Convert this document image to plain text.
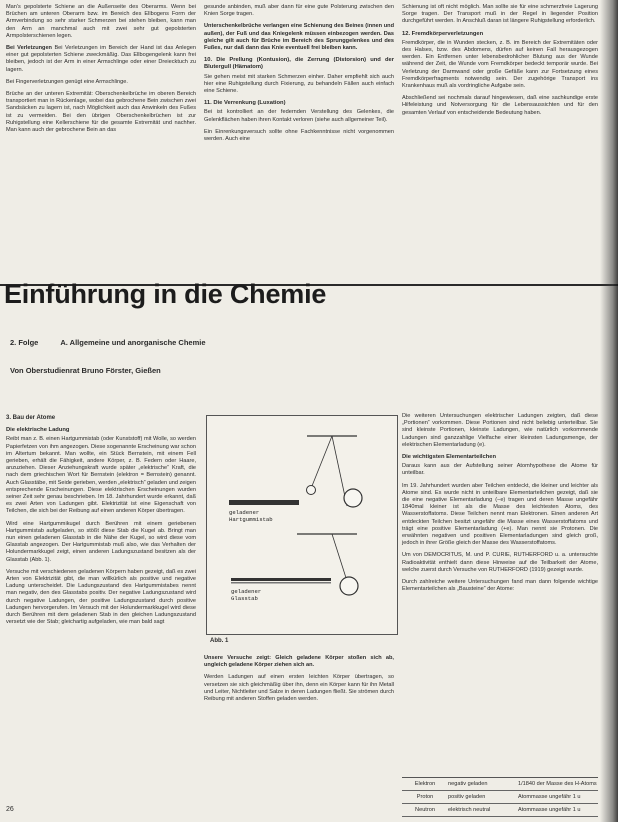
Man's gepolsterte Schiene an die Außenseite des Oberarms. Wenn bei Brüchen am unteren Oberarm bzw. im Bereich des Ellbogens Form der Armverbindung so sehr starker Schmerzen bei stehen bleiben, kann man den Arm an manchmal auch mit zwei sehr gut gepolsterten Armpolsterschienen legen.

Bei Verletzungen Bei Verletzungen im Bereich der Hand ist das Anlegen einer gut gepolsterten Schiene zweckmäßig. Das Ellbogengelenk kann frei bleiben, jedoch ist der Arm in einer Armschlinge oder einer Dreiecktuch zu lagern.

Bei Fingerverletzungen genügt eine Armschlinge.

Brüche an der unteren Extremität: Oberschenkelbrüche im oberen Bereich transportiert man in Rückenlage, wobei das gebrochene Bein zwischen zwei Sandsäcken zu lagern ist, nach Möglichkeit auch das Anwinkeln des Fußes ist zu vermeiden. Bei den übrigen Oberschenkelbrüchen ist zur Ruhigstellung eine Kellerschiene für die gesamte Extremität und nachher. Man kann auch der gebrochene Bein an das

gesunde anbinden, muß aber dann für eine gute Polsterung zwischen den Knien Sorge tragen.

Unterschenkelbrüche verlangen eine Schienung des Beines (innen und außen), der Fuß und das Kniegelenk müssen einbezogen werden. Das gleiche gilt auch für Brüche im Bereich des Sprunggelenkes und des Fußes, nur daß dann das Knie eventuell frei bleiben kann.

10. Die Prellung (Kontusion), die Zerrung (Distorsion) und der Blutergull (Hämatom)

Sie gehen meist mit starken Schmerzen einher. Daher empfiehlt sich auch hier eine Ruhigstellung durch Fixierung, zu behandeln Fällen auch einfach eine Schiene.

11. Die Verrenkung (Luxation)

Bei ist kontrolliert an der federnden Verstellung des Gelenkes, die Gelenkflächen haben ihren Kontakt verloren (siehe auch allgemeiner Teil).

Ein Einrenkungsversuch sollte ohne Fachkenntnisse nicht vorgenommen werden. Auch eine

Schienung ist oft nicht möglich. Man sollte sie für eine schmerzfreie Lagerung Sorge tragen. Der Transport muß in der Regel in liegender Position durchgeführt werden. In Anschluß daran ist längere Ruhigstellung erforderlich.

12. Fremdkörperverletzungen

Fremdkörper, die in Wunden stecken, z. B. im Bereich der Extremitäten oder des Halses, bzw. des Abdomens, dürfen auf keinen Fall herausgezogen werden. Ein Entfernen unter lebensbedrohlicher Blutung aus der Wunde während der Zeit, die Wunde vom Fremdkörper bedeckt temporär wurde. Bei Verletzung der Darmwand oder große Gefäße kann zur Fortsetzung eines Fremdkörperfragments notwendig sein. Der zugehörige Transport ins Krankenhaus muß als vordringliche Aufgabe sein.

Abschließend sei nochmals darauf hingewiesen, daß eine sachkundige erste Hilfeleistung und Notversorgung für die Lebensaussichten und für den gesamten Verlauf von entscheidende Bedeutung haben.

Einführung in die Chemie
2. Folge	A. Allgemeine und anorganische Chemie
Von Oberstudienrat Bruno Förster, Gießen

3. Bau der Atome

Die elektrische Ladung

Reibt man z. B. einen Hartgummistab (oder Kunststoff) mit Wolle, so werden Papierfetzen von ihm angezogen. Diese sogenannte Erscheinung war schon im Altertum bekannt. Man wollte, ein Stück Bernstein, mit einem Fell gerieben, erhält die Fähigkeit, andere Körper, z. B. Federn oder Haare, anzuziehen. Dieser Anziehungskraft wurde später „elektrische“ Kraft, die nach dem griechischen Wort für Bernstein (elektron = Bernstein) genannt. Auch Glasstäbe, mit Seide gerieben, werden „elektrisch“ geladen und zeigen entsprechende Erscheinungen. Diese elektrischen Erscheinungen wurden seiner Zeit sehr genau beschrieben. Im 18. Jahrhundert wurde erkannt, daß es zwei Arten von Ladungen gibt. Elektrizität ist eine Eigenschaft von Teilchen, die sich bei der Reibung auf einen anderen Körper übertragen.

Wird eine Hartgummikugel durch Berühren mit einem geriebenen Hartgummistab aufgeladen, so stößt diese Stab die Kugel ab. Bringt man nun einen geladenen Glasstab in die Nähe der Kugel, so wird diese vom Glasstab angezogen. Der Hartgummistab muß also, wie das Verhalten der Holundermarkkugel zeigt, einen anderen Ladungszustand besitzen als der Glasstab (Abb. 1).

Versuche mit verschiedenen geladenen Körpern haben gezeigt, daß es zwei Arten von Elektrizität gibt, die man willkürlich als positive und negative Ladung unterscheidet. Die Ladungszustand des Hartgummistabes nennt man negativ, den des Glasstabs positiv. Der negative Ladungszustand wird durch negative Ladungen, der positive Ladungszustand durch positive Ladungen hervorgerufen. Im Versuch mit der Holundermarkkugel wird diese durch Berühren mit dem geladenen Stab in den gleichen Ladungszustand versetzt wie der Stab; gleichartig aufgeladen, wie man bald sagt

geladener
Hartgummistab
geladener
Glasstab
Abb. 1

Unsere Versuche zeigt: Gleich geladene Körper stoßen sich ab, ungleich geladene Körper ziehen sich an.

Werden Ladungen auf einen ersten leichten Körper übertragen, so versetzen sie sich gleichmäßig über ihn, denn ein Körper kann für ihn Metall und Leiter, Nichtleiter und Salze in deren Ladungen fließt. Sie strömen durch Reibung mit anderen Stoffen geladen werden.

Die weiteren Untersuchungen elektrischer Ladungen zeigten, daß diese „Portionen“ vorkommen. Diese Portionen sind nicht beliebig unterteilbar. Sie sind kleinste Portionen, kleinste Ladungen, wie natürlich vorkommende Ladungen sind ganzzahlige Vielfache einer kleinsten Ladungsmenge, der elektrischen Elementarladung (e).

Die wichtigsten Elementarteilchen

Daraus kann aus der Aufstellung seiner Atomhypothese die Atome für unteilbar.

Im 19. Jahrhundert wurden aber Teilchen entdeckt, die kleiner und leichter als Atome sind. Es wurde nicht in unteilbare Elementarteilchen gezeigt, daß sie die eine negative Elementarladung (−e) tragen und deren Masse ungefähr 1840mal kleiner ist als die Masse des leichtesten Atoms, des Wasserstoffatoms. Diese Teilchen nennt man Elektronen. Einen anderen Art entdeckten Teilchen besitzt ungefähr die Masse eines Wasserstoffatoms und trägt eine positive Elementarladung (+e). Man nennt sie Protonen. Die erwähnten negativen und positiven Elementarladungen sind gleich groß, jedoch in ihrer Größe gleich der Masse des Wasserstoffatoms.

Um von DEMOCRITUS, M. und P. CURIE, RUTHERFORD u. a. untersuchte Radioaktivität enthielt dann diese Hinweise auf die Teilbarkeit der Atome, welche zuerst durch Versuche von RUTHERFORD (1919) gezeigt wurde.

Durch zahlreiche weitere Untersuchungen fand man dann folgende wichtige Elementarteilchen als „Bausteine“ der Atome:

Elektron	negativ geladen	1/1840 der Masse des H-Atoms
Proton	positiv geladen	Atommasse ungefähr 1 u
Neutron	elektrisch neutral	Atommasse ungefähr 1 u
26
